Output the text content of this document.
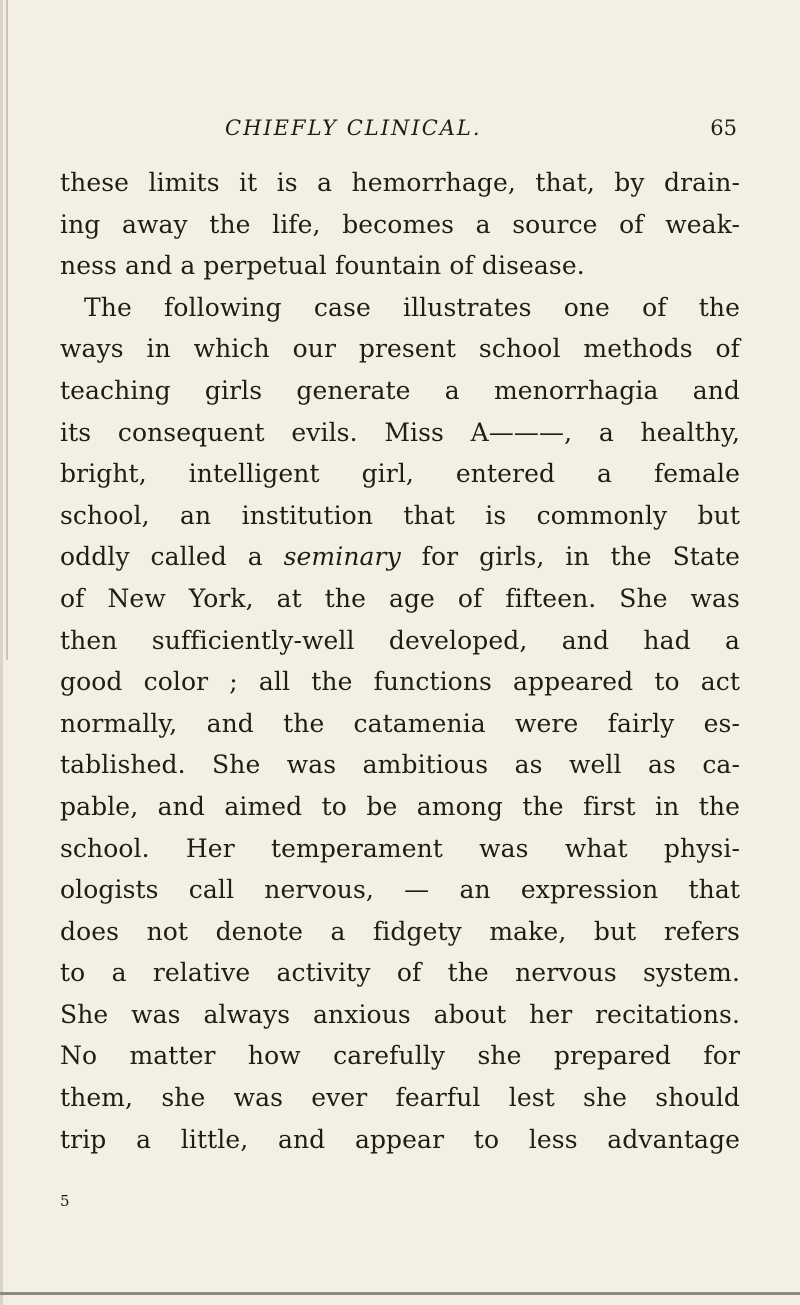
CHIEFLY CLINICAL.	65
these limits it is a hemorrhage, that, by drain-
ing away the life, becomes a source of weak-
ness and a perpetual fountain of disease.
The following case illustrates one of the
ways in which our present school methods of
teaching girls generate a menorrhagia and
its consequent evils. Miss A———, a healthy,
bright, intelligent girl, entered a female
school, an institution that is commonly but
oddly called a seminary for girls, in the State
of New York, at the age of fifteen. She was
then sufficiently-well developed, and had a
good color ; all the functions appeared to act
normally, and the catamenia were fairly es-
tablished. She was ambitious as well as ca-
pable, and aimed to be among the first in the
school. Her temperament was what physi-
ologists call nervous, — an expression that
does not denote a fidgety make, but refers
to a relative activity of the nervous system.
She was always anxious about her recitations.
No matter how carefully she prepared for
them, she was ever fearful lest she should
trip a little, and appear to less advantage
5
